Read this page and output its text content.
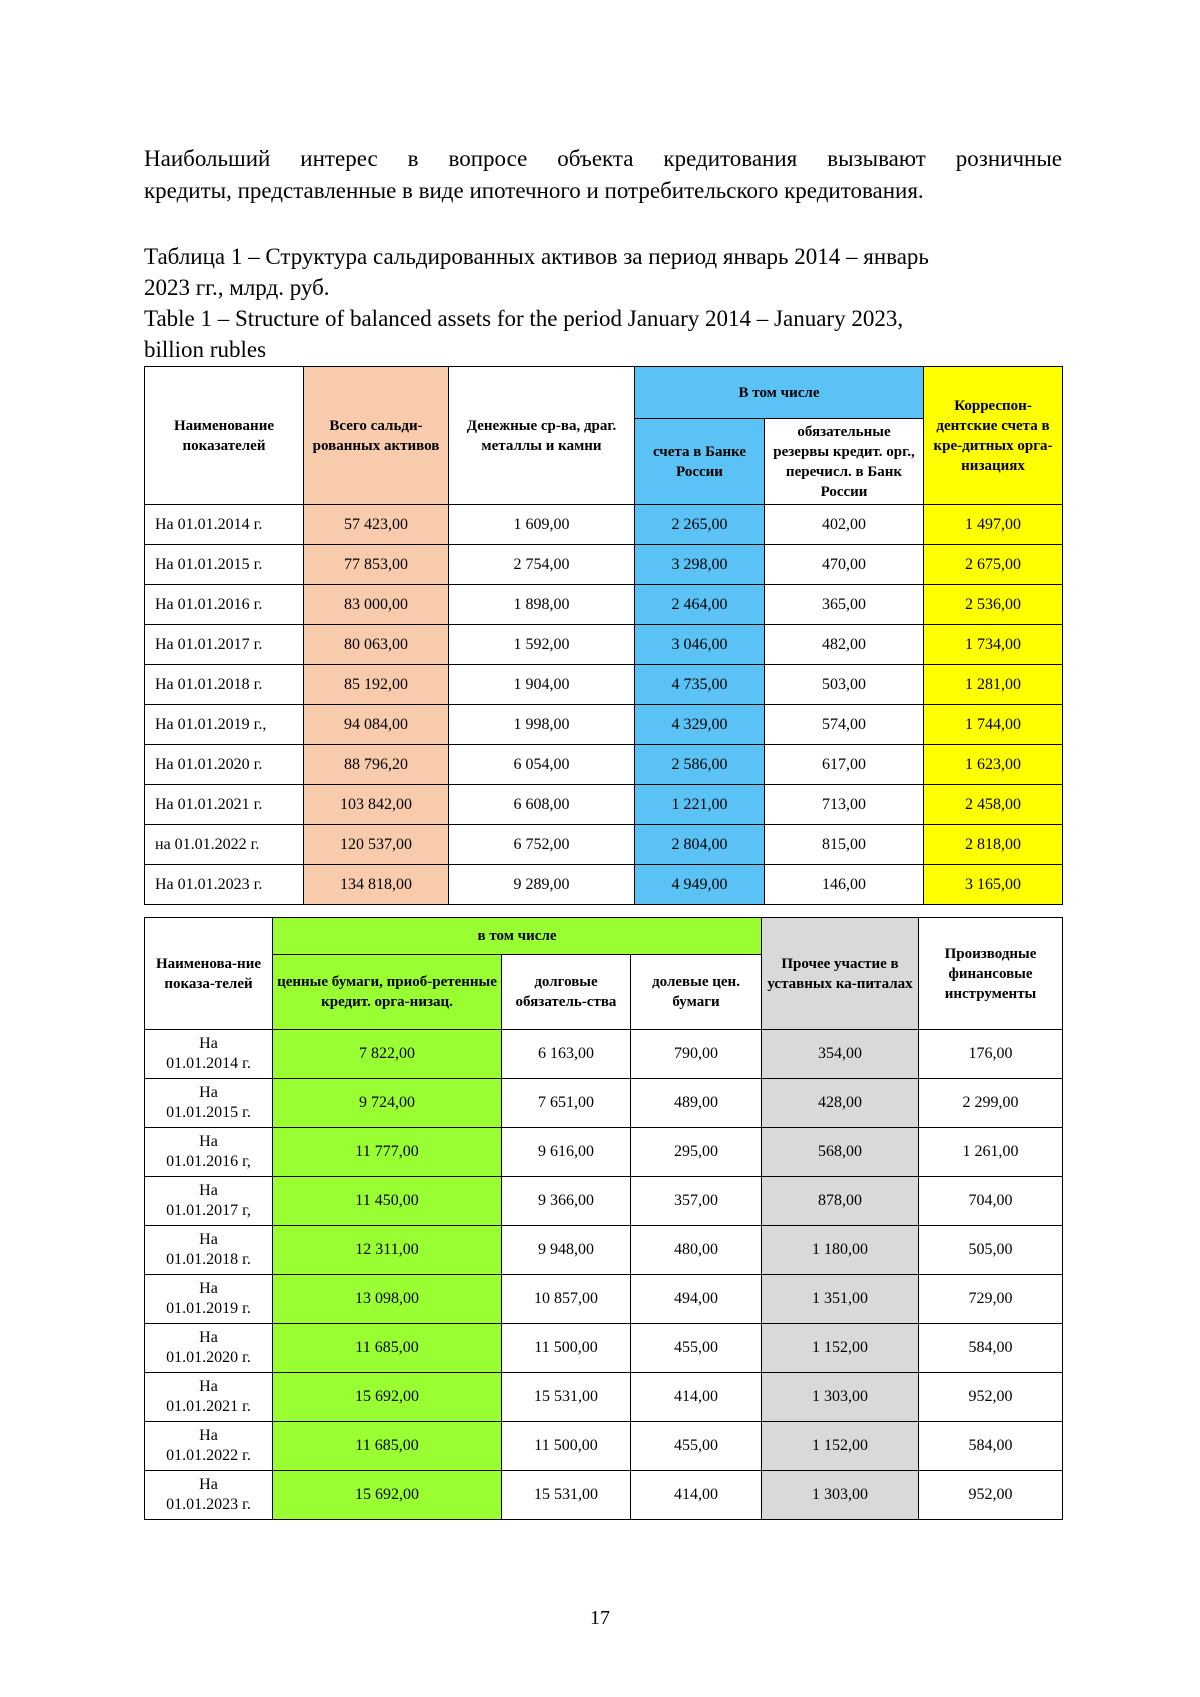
Наибольший интерес в вопросе объекта кредитования вызывают розничные
кредиты, представленные в виде ипотечного и потребительского кредитования.

Таблица 1 – Структура сальдированных активов за период январь 2014 – январь
2023 гг., млрд. руб.

Table 1 – Structure of balanced assets for the period January 2014 – January 2023,
billion rubles

Наименование показателей	Всего сальди-рованных активов	Денежные ср-ва, драг. металлы и камни	В том числе		Корреспон-дентские счета в кре-дитных орга-низациях
			счета в Банке России	обязательные резервы кредит. орг., перечисл. в Банк России	
На 01.01.2014 г.	57 423,00	1 609,00	2 265,00	402,00	1 497,00
На 01.01.2015 г.	77 853,00	2 754,00	3 298,00	470,00	2 675,00
На 01.01.2016 г.	83 000,00	1 898,00	2 464,00	365,00	2 536,00
На 01.01.2017 г.	80 063,00	1 592,00	3 046,00	482,00	1 734,00
На 01.01.2018 г.	85 192,00	1 904,00	4 735,00	503,00	1 281,00
На 01.01.2019 г.,	94 084,00	1 998,00	4 329,00	574,00	1 744,00
На 01.01.2020 г.	88 796,20	6 054,00	2 586,00	617,00	1 623,00
На 01.01.2021 г.	103 842,00	6 608,00	1 221,00	713,00	2 458,00
на 01.01.2022 г.	120 537,00	6 752,00	2 804,00	815,00	2 818,00
На 01.01.2023 г.	134 818,00	9 289,00	4 949,00	146,00	3 165,00
Наименова-ние показа-телей	в том числе			Прочее участие в уставных ка-питалах	Производные финансовые инструменты
	ценные бумаги, приоб-ретенные кредит. орга-низац.	долговые обязатель-ства	долевые цен. бумаги		
На
01.01.2014 г.	7 822,00	6 163,00	790,00	354,00	176,00
На
01.01.2015 г.	9 724,00	7 651,00	489,00	428,00	2 299,00
На
01.01.2016 г,	11 777,00	9 616,00	295,00	568,00	1 261,00
На
01.01.2017 г,	11 450,00	9 366,00	357,00	878,00	704,00
На
01.01.2018 г.	12 311,00	9 948,00	480,00	1 180,00	505,00
На
01.01.2019 г.	13 098,00	10 857,00	494,00	1 351,00	729,00
На
01.01.2020 г.	11 685,00	11 500,00	455,00	1 152,00	584,00
На
01.01.2021 г.	15 692,00	15 531,00	414,00	1 303,00	952,00
На
01.01.2022 г.	11 685,00	11 500,00	455,00	1 152,00	584,00
На
01.01.2023 г.	15 692,00	15 531,00	414,00	1 303,00	952,00
17
